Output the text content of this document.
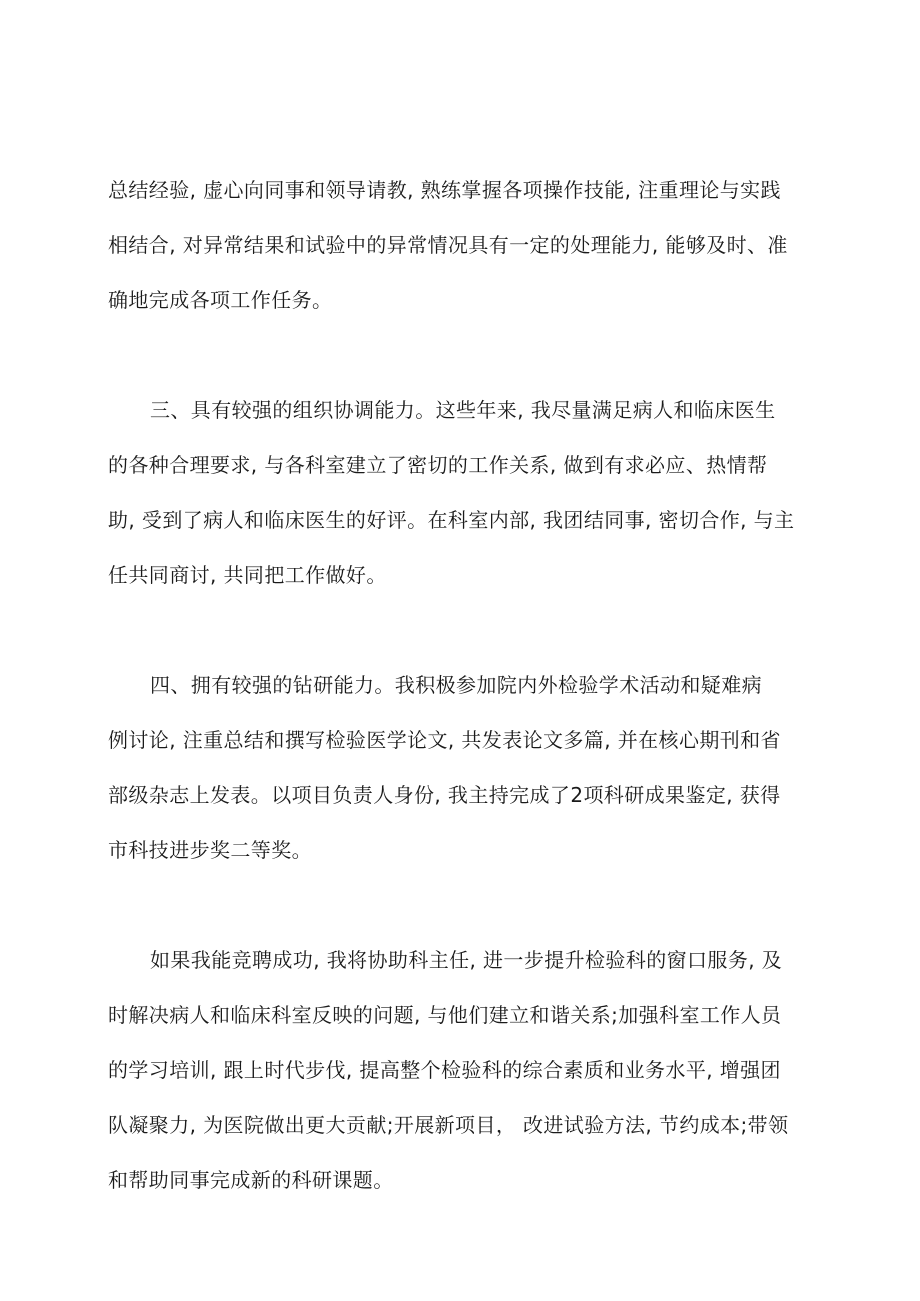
总结经验, 虚心向同事和领导请教, 熟练掌握各项操作技能, 注重理论与实践
相结合, 对异常结果和试验中的异常情况具有一定的处理能力, 能够及时、准
确地完成各项工作任务。
三、具有较强的组织协调能力。这些年来, 我尽量满足病人和临床医生
的各种合理要求, 与各科室建立了密切的工作关系, 做到有求必应、热情帮
助, 受到了病人和临床医生的好评。在科室内部, 我团结同事, 密切合作, 与主
任共同商讨, 共同把工作做好。
四、拥有较强的钻研能力。我积极参加院内外检验学术活动和疑难病
例讨论, 注重总结和撰写检验医学论文, 共发表论文多篇, 并在核心期刊和省
部级杂志上发表。以项目负责人身份, 我主持完成了2项科研成果鉴定, 获得
市科技进步奖二等奖。
如果我能竞聘成功, 我将协助科主任, 进一步提升检验科的窗口服务, 及
时解决病人和临床科室反映的问题, 与他们建立和谐关系;加强科室工作人员
的学习培训, 跟上时代步伐, 提高整个检验科的综合素质和业务水平, 增强团
队凝聚力, 为医院做出更大贡献;开展新项目， 改进试验方法, 节约成本;带领
和帮助同事完成新的科研课题。
